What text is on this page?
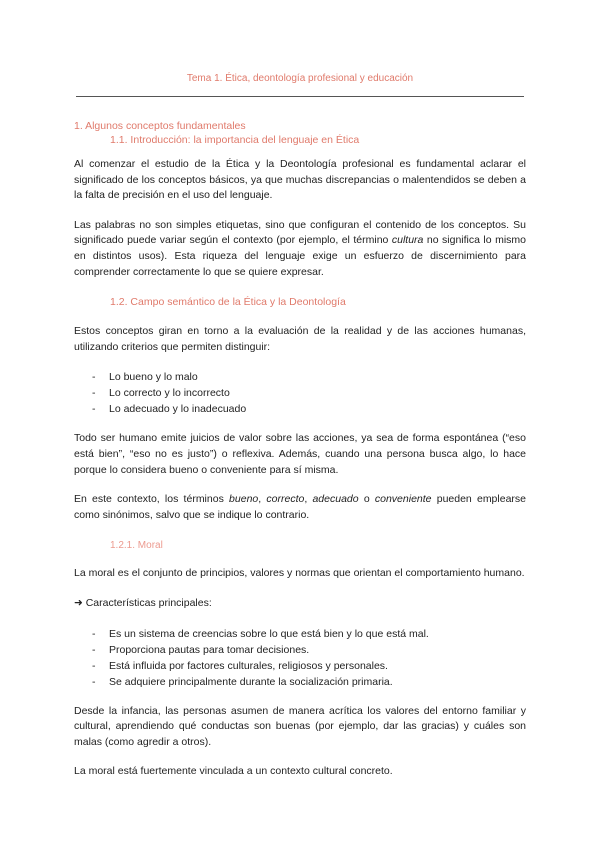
Tema 1. Ética, deontología profesional y educación
1. Algunos conceptos fundamentales
1.1. Introducción: la importancia del lenguaje en Ética

Al comenzar el estudio de la Ética y la Deontología profesional es fundamental aclarar el significado de los conceptos básicos, ya que muchas discrepancias o malentendidos se deben a la falta de precisión en el uso del lenguaje.

Las palabras no son simples etiquetas, sino que configuran el contenido de los conceptos. Su significado puede variar según el contexto (por ejemplo, el término cultura no significa lo mismo en distintos usos). Esta riqueza del lenguaje exige un esfuerzo de discernimiento para comprender correctamente lo que se quiere expresar.

1.2. Campo semántico de la Ética y la Deontología

Estos conceptos giran en torno a la evaluación de la realidad y de las acciones humanas, utilizando criterios que permiten distinguir:

- Lo bueno y lo malo
- Lo correcto y lo incorrecto
- Lo adecuado y lo inadecuado

Todo ser humano emite juicios de valor sobre las acciones, ya sea de forma espontánea (“eso está bien”, “eso no es justo”) o reflexiva. Además, cuando una persona busca algo, lo hace porque lo considera bueno o conveniente para sí misma.

En este contexto, los términos bueno, correcto, adecuado o conveniente pueden emplearse como sinónimos, salvo que se indique lo contrario.

1.2.1. Moral

La moral es el conjunto de principios, valores y normas que orientan el comportamiento humano.

➜ Características principales:
- Es un sistema de creencias sobre lo que está bien y lo que está mal.
- Proporciona pautas para tomar decisiones.
- Está influida por factores culturales, religiosos y personales.
- Se adquiere principalmente durante la socialización primaria.

Desde la infancia, las personas asumen de manera acrítica los valores del entorno familiar y cultural, aprendiendo qué conductas son buenas (por ejemplo, dar las gracias) y cuáles son malas (como agredir a otros).

La moral está fuertemente vinculada a un contexto cultural concreto.
